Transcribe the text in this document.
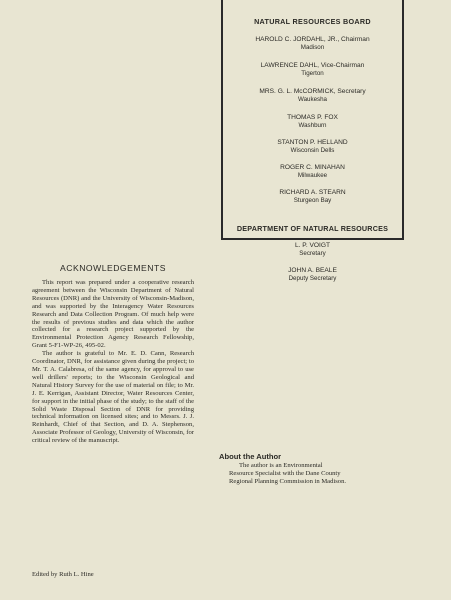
NATURAL RESOURCES BOARD
HAROLD C. JORDAHL, JR., Chairman
Madison
LAWRENCE DAHL, Vice-Chairman
Tigerton
MRS. G. L. McCORMICK, Secretary
Waukesha
THOMAS P. FOX
Washburn
STANTON P. HELLAND
Wisconsin Dells
ROGER C. MINAHAN
Milwaukee
RICHARD A. STEARN
Sturgeon Bay
DEPARTMENT OF NATURAL RESOURCES
L. P. VOIGT
Secretary
JOHN A. BEALE
Deputy Secretary
ACKNOWLEDGEMENTS

This report was prepared under a cooperative research agreement between the Wisconsin Department of Natural Resources (DNR) and the University of Wisconsin-Madison, and was supported by the Interagency Water Resources Research and Data Collection Program. Of much help were the results of previous studies and data which the author collected for a research project supported by the Environmental Protection Agency Research Fellowship, Grant 5-F1-WP-26, 495-02.

The author is grateful to Mr. E. D. Cann, Research Coordinator, DNR, for assistance given during the project; to Mr. T. A. Calabresa, of the same agency, for approval to use well drillers' reports; to the Wisconsin Geological and Natural History Survey for the use of material on file; to Mr. J. E. Kerrigan, Assistant Director, Water Resources Center, for support in the initial phase of the study; to the staff of the Solid Waste Disposal Section of DNR for providing technical information on licensed sites; and to Messrs. J. J. Reinhardt, Chief of that Section, and D. A. Stephenson, Associate Professor of Geology, University of Wisconsin, for critical review of the manuscript.

Edited by Ruth L. Hine
About the Author
The author is an Environmental Resource Specialist with the Dane County Regional Planning Commission in Madison.
